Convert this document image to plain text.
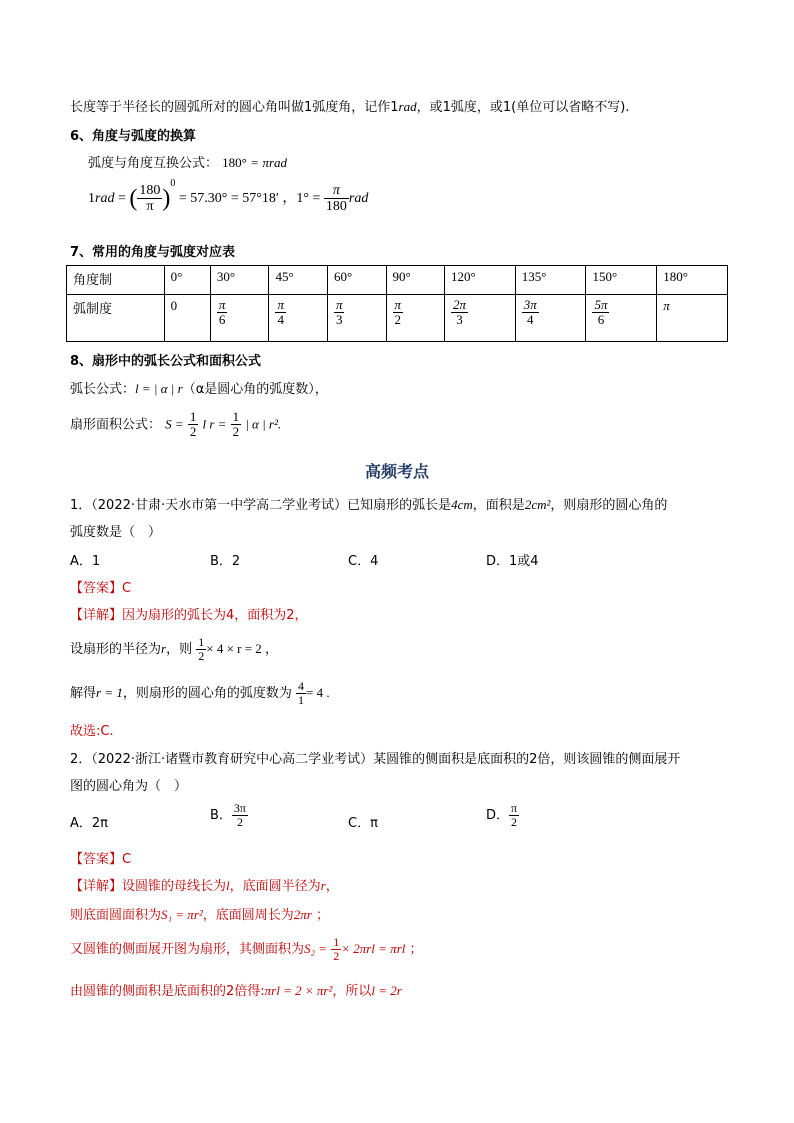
长度等于半径长的圆弧所对的圆心角叫做1弧度角，记作1rad，或1弧度，或1(单位可以省略不写).
6、角度与弧度的换算
弧度与角度互换公式： 180° = πrad
1rad = ( $\frac{180}{\pi} )^0 = 57.30^\circ = 57^\circ 18'$ ，$1^\circ = \frac{\pi}{180}$ rad
7、常用的角度与弧度对应表
角度制	0°	30°	45°	60°	90°	120°	135°	150°	180°
弧制度	0	$\frac{\pi}{6}$	$\frac{\pi}{4}$	$\frac{\pi}{3}$	$\frac{\pi}{2}$	$\frac{2\pi}{3}$	$\frac{3\pi}{4}$	$\frac{5\pi}{6}$	π
8、扇形中的弧长公式和面积公式
弧长公式：l = | α | r（α是圆心角的弧度数），
扇形面积公式： $S = \frac{1}{2}$ l $r = \frac{1}{2}$ | α | r².
高频考点
1．（2022·甘肃·天水市第一中学高二学业考试）已知扇形的弧长是4cm，面积是2cm²，则扇形的圆心角的
弧度数是（　）
A．1	B．2	C．4	D．1或4
【答案】C
【详解】因为扇形的弧长为4，面积为2，
设扇形的半径为r，则 $\frac{1}{2} \times 4 \times r = 2$ ，
解得r = 1，则扇形的圆心角的弧度数为 $\frac{4}{1} = 4$ .
故选:C.
2．（2022·浙江·诸暨市教育研究中心高二学业考试）某圆锥的侧面积是底面积的2倍，则该圆锥的侧面展开
图的圆心角为（　）
A．2π
B． $\frac{3\pi}{2}$	C．π
D． $\frac{\pi}{2}$
【答案】C
【详解】设圆锥的母线长为l，底面圆半径为r，
则底面圆面积为S₁ = πr²，底面圆周长为2πr ；
又圆锥的侧面展开图为扇形，其侧面积为$S_2 = \frac{1}{2} \times 2\pi rl = \pi rl$ ；
由圆锥的侧面积是底面积的2倍得:πrl = 2 × πr²，所以l = 2r
